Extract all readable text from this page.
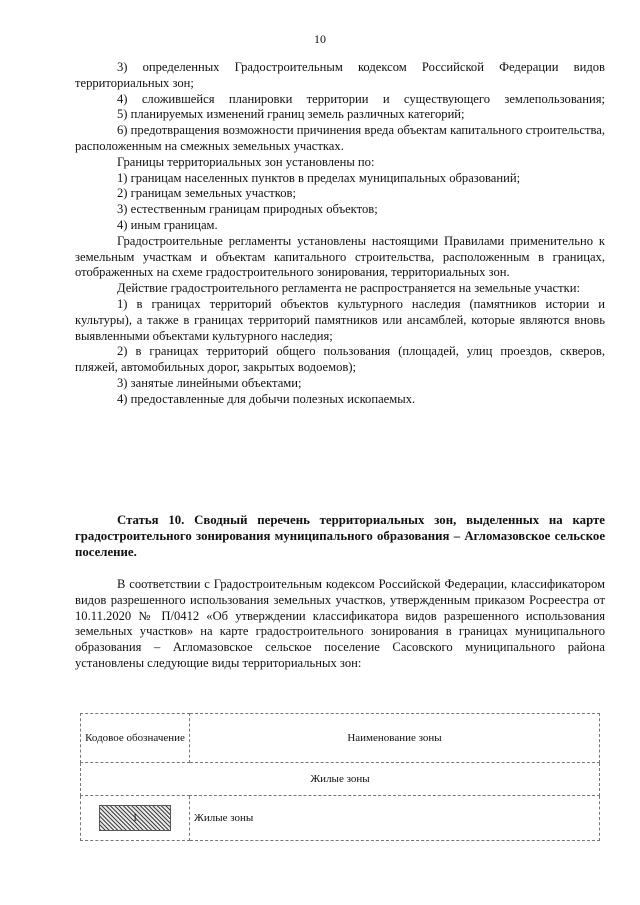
10

3) определенных Градостроительным кодексом Российской Федерации видов территориальных зон;

4) сложившейся планировки территории и существующего землепользования;

5) планируемых изменений границ земель различных категорий;

6) предотвращения возможности причинения вреда объектам капитального строительства, расположенным на смежных земельных участках.

Границы территориальных зон установлены по:

1) границам населенных пунктов в пределах муниципальных образований;

2) границам земельных участков;

3) естественным границам природных объектов;

4) иным границам.

Градостроительные регламенты установлены настоящими Правилами применительно к земельным участкам и объектам капитального строительства, расположенным в границах, отображенных на схеме градостроительного зонирования, территориальных зон.

Действие градостроительного регламента не распространяется на земельные участки:

1) в границах территорий объектов культурного наследия (памятников истории и культуры), а также в границах территорий памятников или ансамблей, которые являются вновь выявленными объектами культурного наследия;

2) в границах территорий общего пользования (площадей, улиц проездов, скверов, пляжей, автомобильных дорог, закрытых водоемов);

3) занятые линейными объектами;

4) предоставленные для добычи полезных ископаемых.

Статья 10. Сводный перечень территориальных зон, выделенных на карте градостроительного зонирования муниципального образования – Агломазовское сельское поселение.

В соответствии с Градостроительным кодексом Российской Федерации, классификатором видов разрешенного использования земельных участков, утвержденным приказом Росреестра от 10.11.2020 № П/0412 «Об утверждении классификатора видов разрешенного использования земельных участков» на карте градостроительного зонирования в границах муниципального образования – Агломазовское сельское поселение Сасовского муниципального района установлены следующие виды территориальных зон:

Кодовое обозначение	Наименование зоны
Жилые зоны	

1	Жилые зоны
